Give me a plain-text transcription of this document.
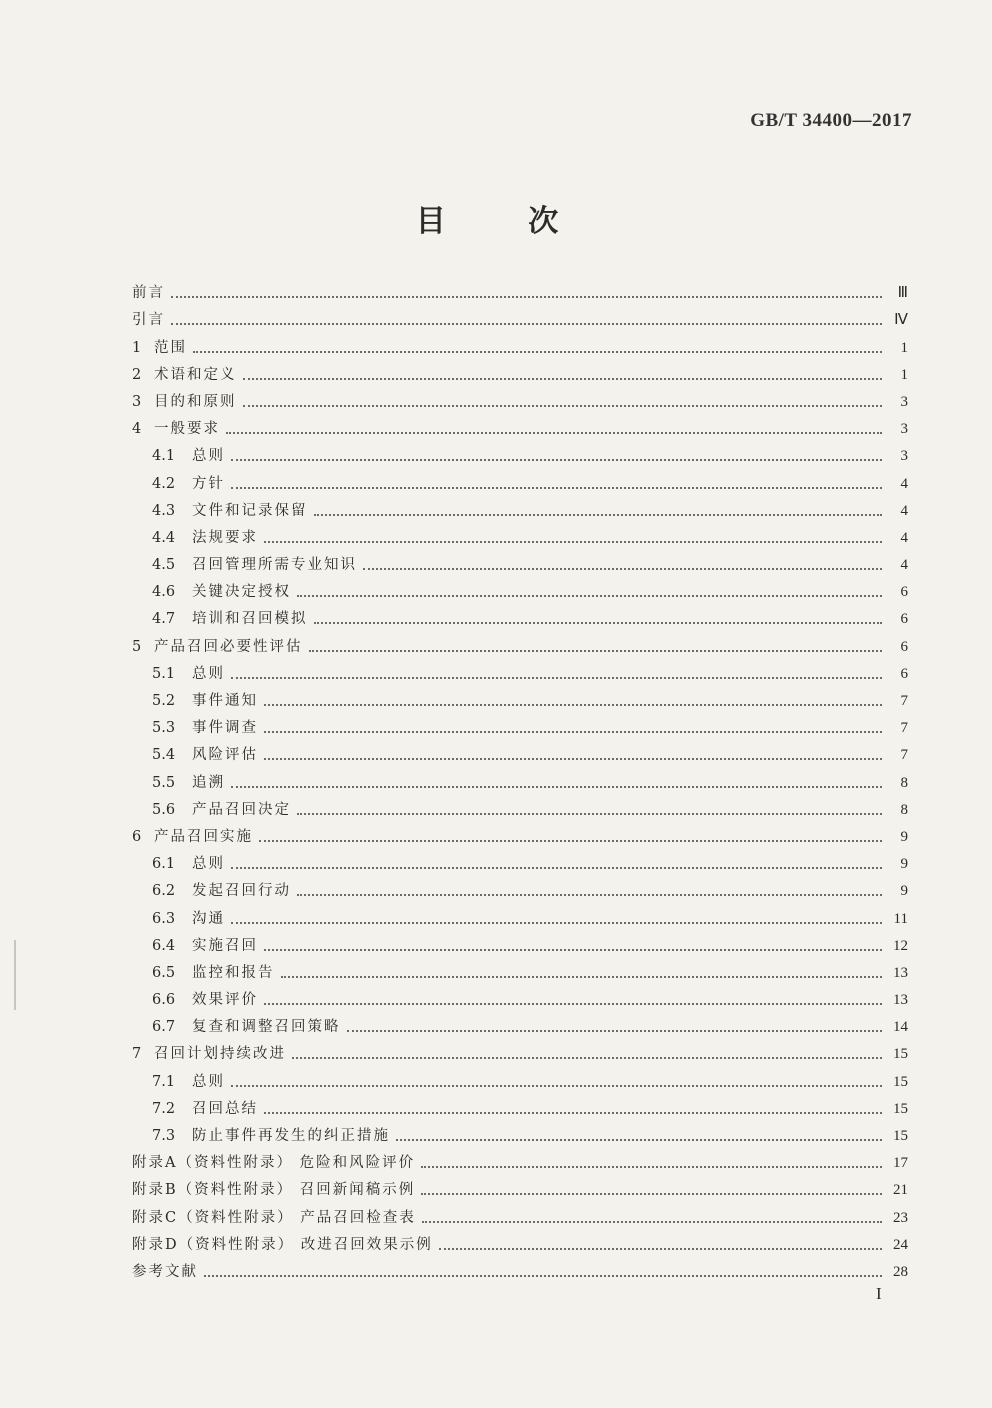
GB/T 34400—2017
目 次
前言	Ⅲ
引言	Ⅳ
1 范围	1
2 术语和定义	1
3 目的和原则	3
4 一般要求	3
4.1	总则	3
4.2	方针	4
4.3	文件和记录保留	4
4.4	法规要求	4
4.5	召回管理所需专业知识	4
4.6	关键决定授权	6
4.7	培训和召回模拟	6
5 产品召回必要性评估	6
5.1	总则	6
5.2	事件通知	7
5.3	事件调查	7
5.4	风险评估	7
5.5	追溯	8
5.6	产品召回决定	8
6 产品召回实施	9
6.1	总则	9
6.2	发起召回行动	9
6.3	沟通	11
6.4	实施召回	12
6.5	监控和报告	13
6.6	效果评价	13
6.7	复查和调整召回策略	14
7 召回计划持续改进	15
7.1	总则	15
7.2	召回总结	15
7.3	防止事件再发生的纠正措施	15
附录A（资料性附录） 危险和风险评价	17
附录B（资料性附录） 召回新闻稿示例	21
附录C（资料性附录） 产品召回检查表	23
附录D（资料性附录） 改进召回效果示例	24
参考文献	28
I
